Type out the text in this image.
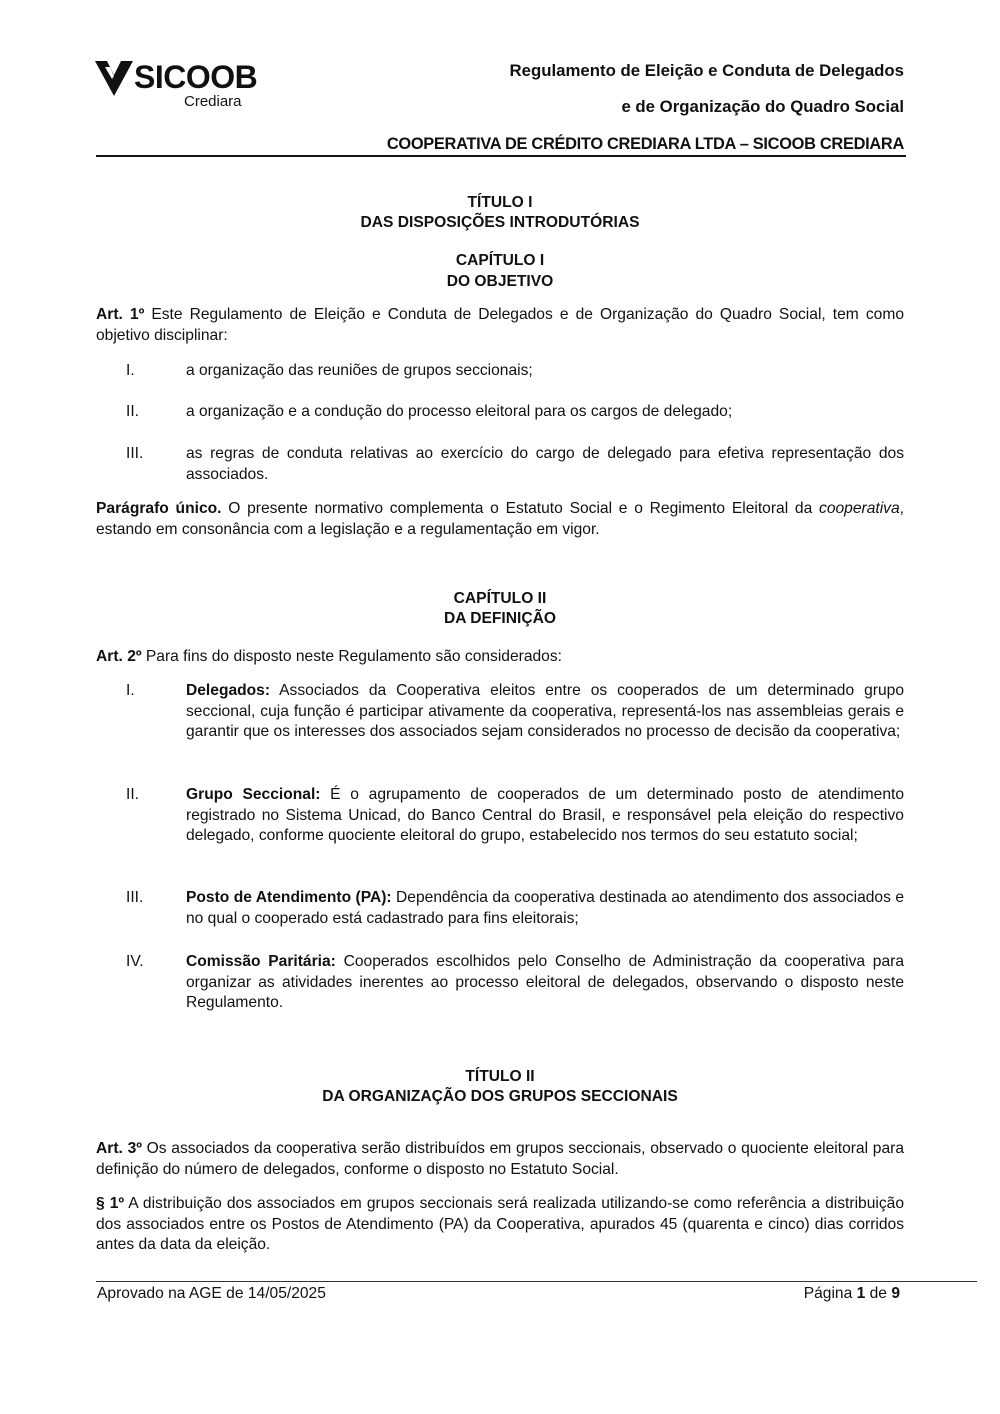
SICOOB
Crediara
Regulamento de Eleição e Conduta de Delegados
e de Organização do Quadro Social
COOPERATIVA DE CRÉDITO CREDIARA LTDA – SICOOB CREDIARA
TÍTULO I
DAS DISPOSIÇÕES INTRODUTÓRIAS
CAPÍTULO I
DO OBJETIVO
Art. 1º Este Regulamento de Eleição e Conduta de Delegados e de Organização do Quadro Social, tem como objetivo disciplinar:
I.	a organização das reuniões de grupos seccionais;
II.	a organização e a condução do processo eleitoral para os cargos de delegado;
III.	as regras de conduta relativas ao exercício do cargo de delegado para efetiva representação dos associados.
Parágrafo único. O presente normativo complementa o Estatuto Social e o Regimento Eleitoral da cooperativa, estando em consonância com a legislação e a regulamentação em vigor.
CAPÍTULO II
DA DEFINIÇÃO
Art. 2º Para fins do disposto neste Regulamento são considerados:
I.	Delegados: Associados da Cooperativa eleitos entre os cooperados de um determinado grupo seccional, cuja função é participar ativamente da cooperativa, representá-los nas assembleias gerais e garantir que os interesses dos associados sejam considerados no processo de decisão da cooperativa;
II.	Grupo Seccional: É o agrupamento de cooperados de um determinado posto de atendimento registrado no Sistema Unicad, do Banco Central do Brasil, e responsável pela eleição do respectivo delegado, conforme quociente eleitoral do grupo, estabelecido nos termos do seu estatuto social;
III.	Posto de Atendimento (PA): Dependência da cooperativa destinada ao atendimento dos associados e no qual o cooperado está cadastrado para fins eleitorais;
IV.	Comissão Paritária: Cooperados escolhidos pelo Conselho de Administração da cooperativa para organizar as atividades inerentes ao processo eleitoral de delegados, observando o disposto neste Regulamento.
TÍTULO II
DA ORGANIZAÇÃO DOS GRUPOS SECCIONAIS
Art. 3º Os associados da cooperativa serão distribuídos em grupos seccionais, observado o quociente eleitoral para definição do número de delegados, conforme o disposto no Estatuto Social.
§ 1º A distribuição dos associados em grupos seccionais será realizada utilizando-se como referência a distribuição dos associados entre os Postos de Atendimento (PA) da Cooperativa, apurados 45 (quarenta e cinco) dias corridos antes da data da eleição.
Aprovado na AGE de 14/05/2025	Página 1 de 9
